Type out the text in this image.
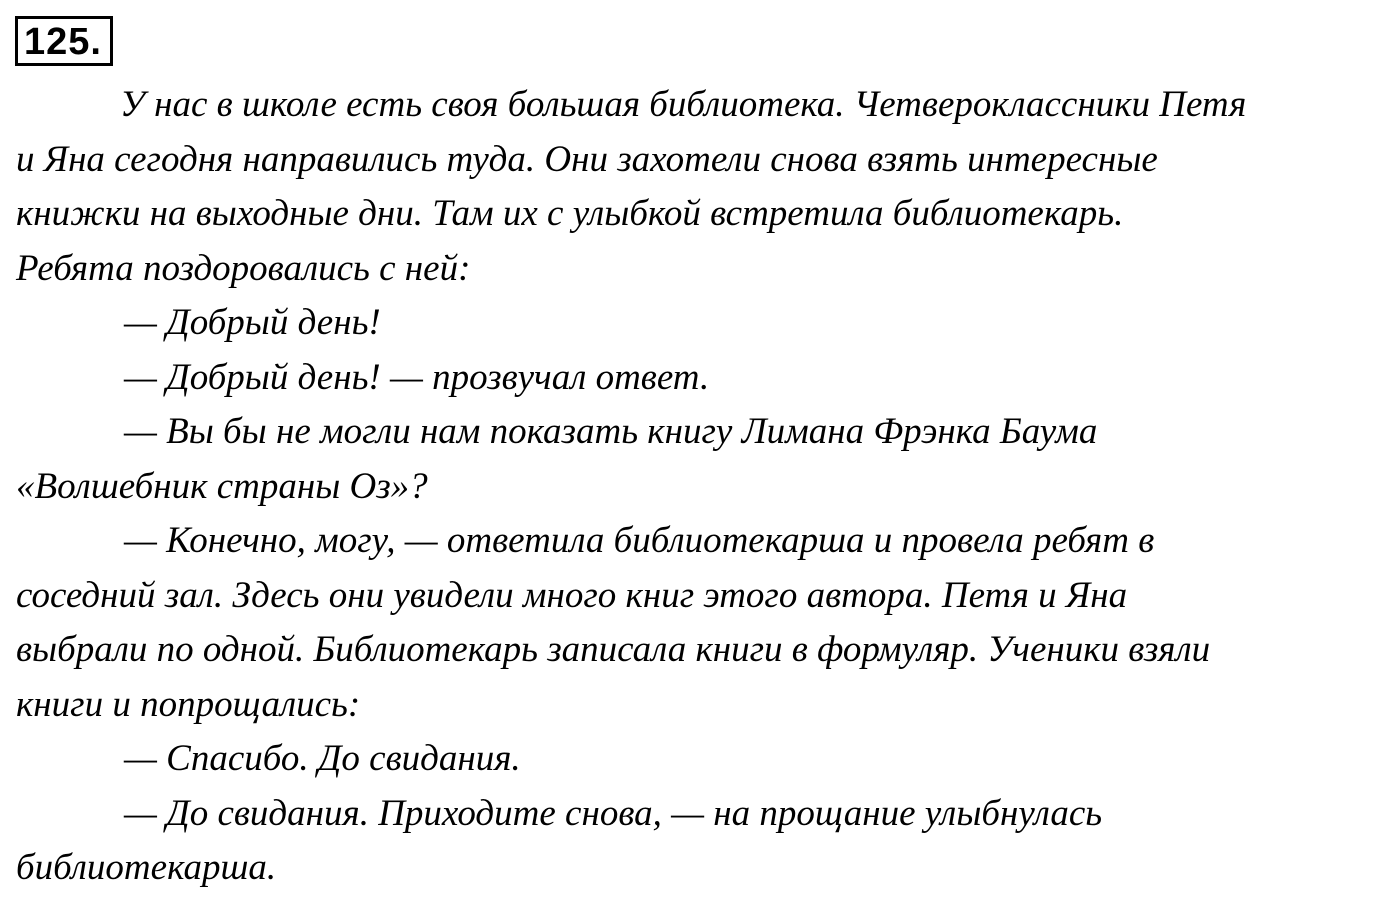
125.
У нас в школе есть своя большая библиотека. Четвероклассники Петя
и Яна сегодня направились туда. Они захотели снова взять интересные
книжки на выходные дни. Там их с улыбкой встретила библиотекарь.
Ребята поздоровались с ней:
— Добрый день!
— Добрый день! — прозвучал ответ.
— Вы бы не могли нам показать книгу Лимана Фрэнка Баума
«Волшебник страны Оз»?
— Конечно, могу, — ответила библиотекарша и провела ребят в
соседний зал. Здесь они увидели много книг этого автора. Петя и Яна
выбрали по одной. Библиотекарь записала книги в формуляр. Ученики взяли
книги и попрощались:
— Спасибо. До свидания.
— До свидания. Приходите снова, — на прощание улыбнулась
библиотекарша.
